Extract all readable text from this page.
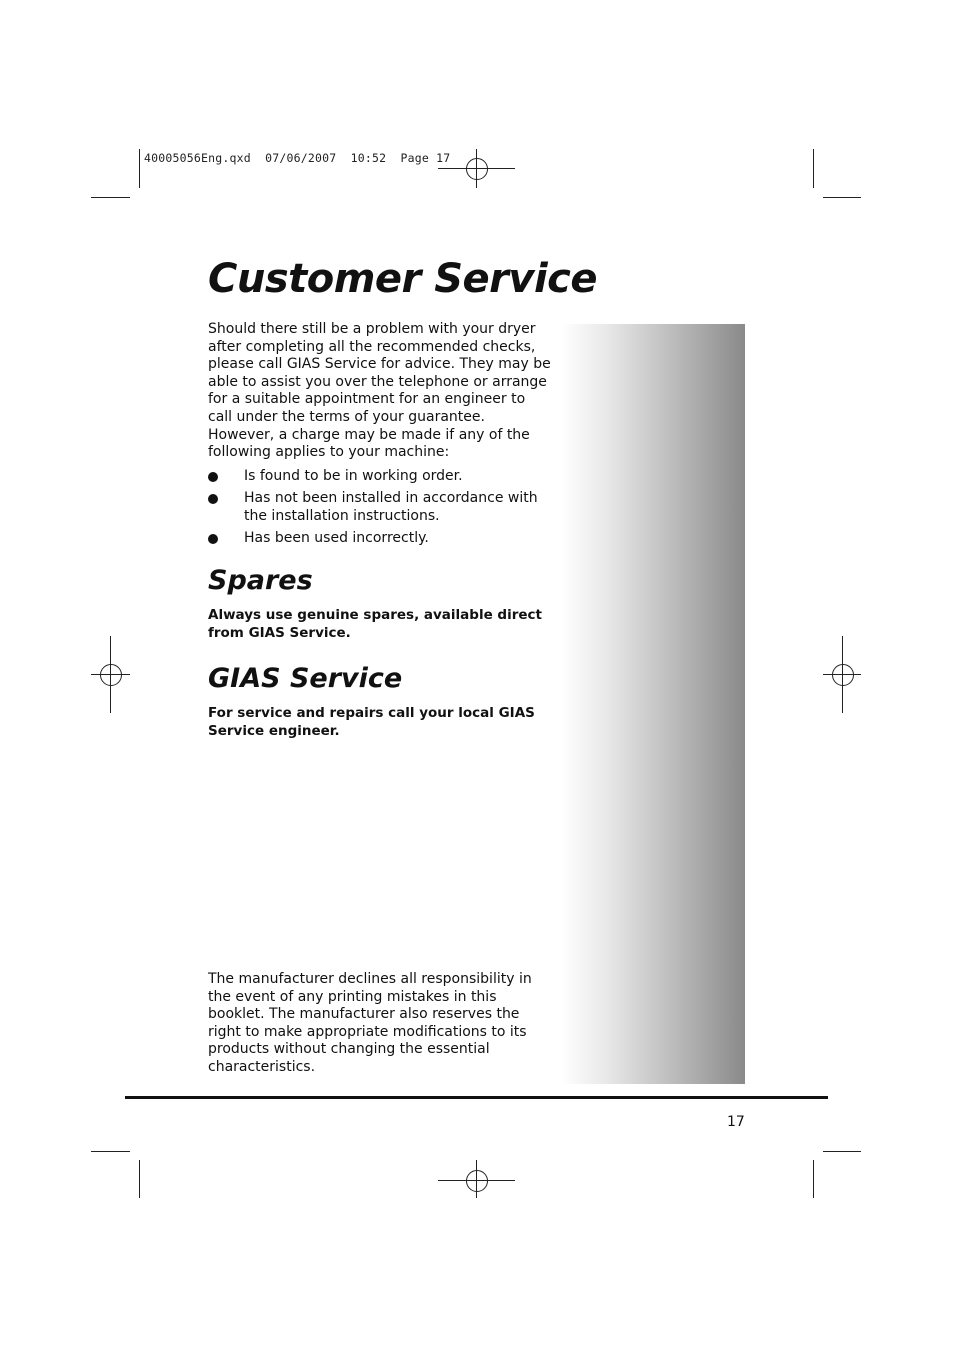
40005056Eng.qxd  07/06/2007  10:52  Page 17
Customer Service

Should there still be a problem with your dryer after completing all the recommended checks, please call GIAS Service for advice. They may be able to assist you over the telephone or arrange for a suitable appointment for an engineer to call under the terms of your guarantee. However, a charge may be made if any of the following applies to your machine:

Is found to be in working order.
Has not been installed in accordance with the installation instructions.
Has been used incorrectly.
Spares

Always use genuine spares, available direct from GIAS Service.

GIAS Service

For service and repairs call your local GIAS Service engineer.

The manufacturer declines all responsibility in the event of any printing mistakes in this booklet. The manufacturer also reserves the right to make appropriate modifications to its products without changing the essential characteristics.

17
